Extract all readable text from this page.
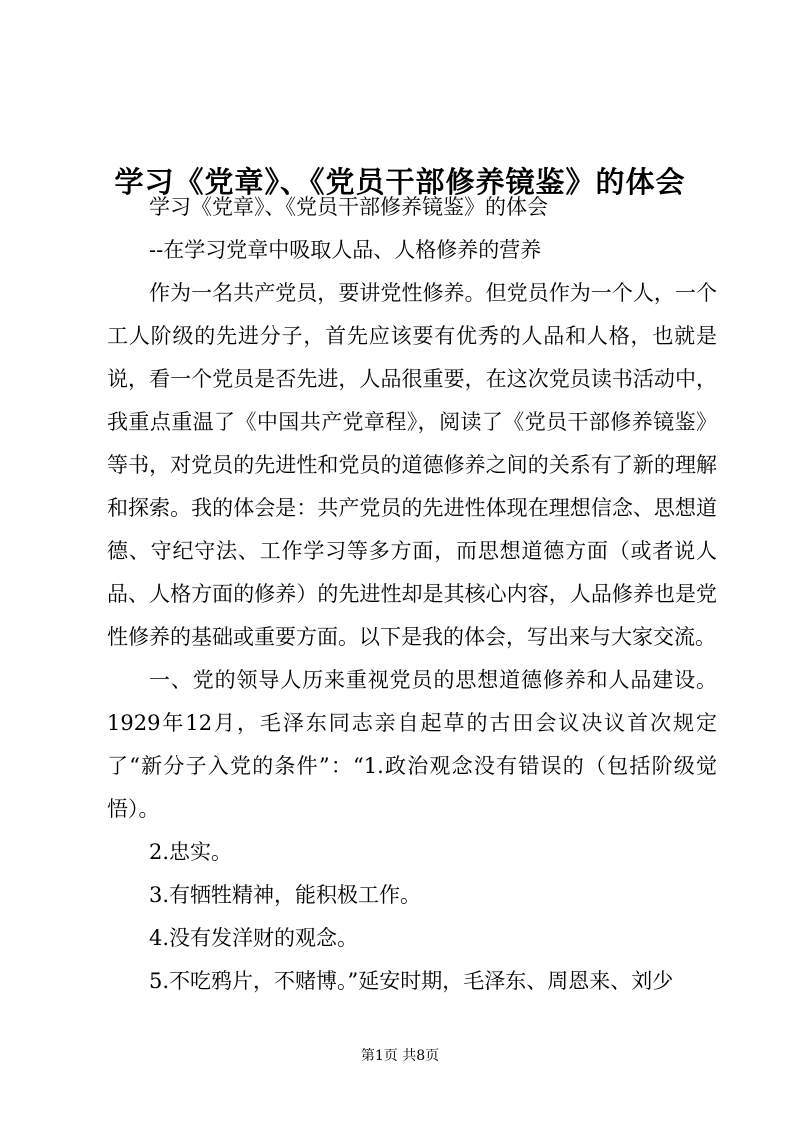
学习《党章》、《党员干部修养镜鉴》的体会

学习《党章》、《党员干部修养镜鉴》的体会

--在学习党章中吸取人品、人格修养的营养

作为一名共产党员，要讲党性修养。但党员作为一个人，一个工人阶级的先进分子，首先应该要有优秀的人品和人格，也就是说，看一个党员是否先进，人品很重要，在这次党员读书活动中，我重点重温了《中国共产党章程》，阅读了《党员干部修养镜鉴》等书，对党员的先进性和党员的道德修养之间的关系有了新的理解和探索。我的体会是：共产党员的先进性体现在理想信念、思想道德、守纪守法、工作学习等多方面，而思想道德方面（或者说人品、人格方面的修养）的先进性却是其核心内容，人品修养也是党性修养的基础或重要方面。以下是我的体会，写出来与大家交流。

一、党的领导人历来重视党员的思想道德修养和人品建设。1929年12月，毛泽东同志亲自起草的古田会议决议首次规定了“新分子入党的条件”：“1.政治观念没有错误的（包括阶级觉悟）。

2.忠实。

3.有牺牲精神，能积极工作。

4.没有发洋财的观念。

5.不吃鸦片，不赌博。”延安时期，毛泽东、周恩来、刘少

第1页 共8页
